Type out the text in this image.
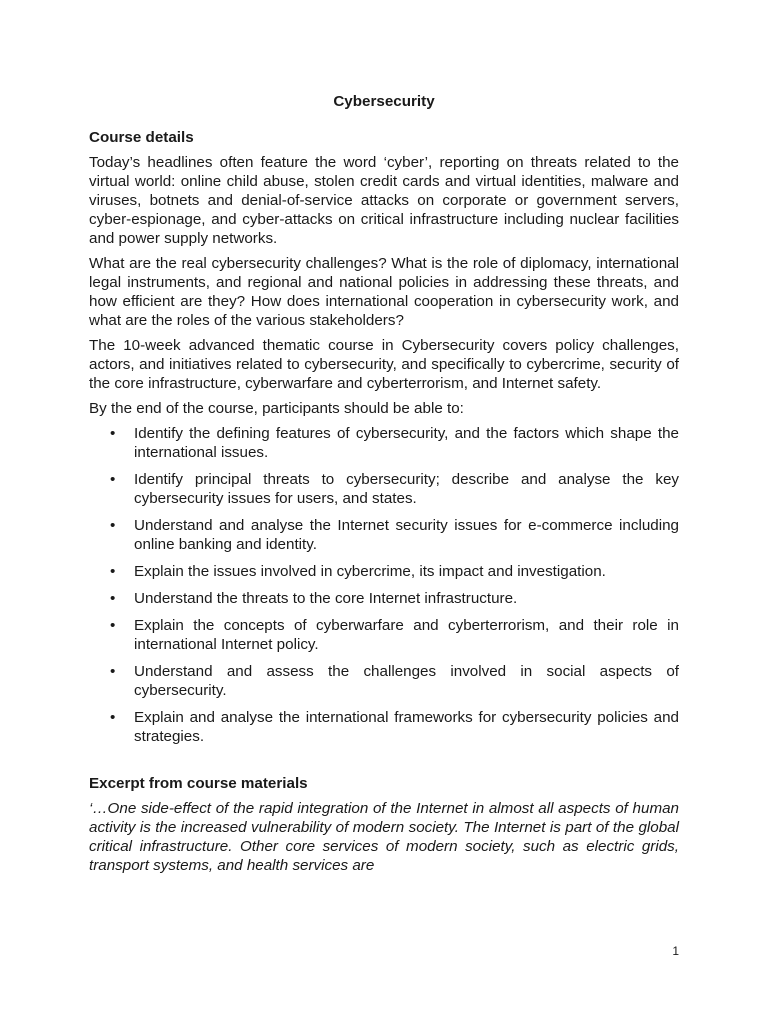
Cybersecurity
Course details

Today’s headlines often feature the word ‘cyber’, reporting on threats related to the virtual world: online child abuse, stolen credit cards and virtual identities, malware and viruses, botnets and denial-of-service attacks on corporate or government servers, cyber-espionage, and cyber-attacks on critical infrastructure including nuclear facilities and power supply networks.

What are the real cybersecurity challenges? What is the role of diplomacy, international legal instruments, and regional and national policies in addressing these threats, and how efficient are they? How does international cooperation in cybersecurity work, and what are the roles of the various stakeholders?

The 10-week advanced thematic course in Cybersecurity covers policy challenges, actors, and initiatives related to cybersecurity, and specifically to cybercrime, security of the core infrastructure, cyberwarfare and cyberterrorism, and Internet safety.

By the end of the course, participants should be able to:

• Identify the defining features of cybersecurity, and the factors which shape the international issues.
• Identify principal threats to cybersecurity; describe and analyse the key cybersecurity issues for users, and states.
• Understand and analyse the Internet security issues for e-commerce including online banking and identity.
• Explain the issues involved in cybercrime, its impact and investigation.
• Understand the threats to the core Internet infrastructure.
• Explain the concepts of cyberwarfare and cyberterrorism, and their role in international Internet policy.
• Understand and assess the challenges involved in social aspects of cybersecurity.
• Explain and analyse the international frameworks for cybersecurity policies and strategies.
Excerpt from course materials

‘…One side-effect of the rapid integration of the Internet in almost all aspects of human activity is the increased vulnerability of modern society. The Internet is part of the global critical infrastructure. Other core services of modern society, such as electric grids, transport systems, and health services are

1
